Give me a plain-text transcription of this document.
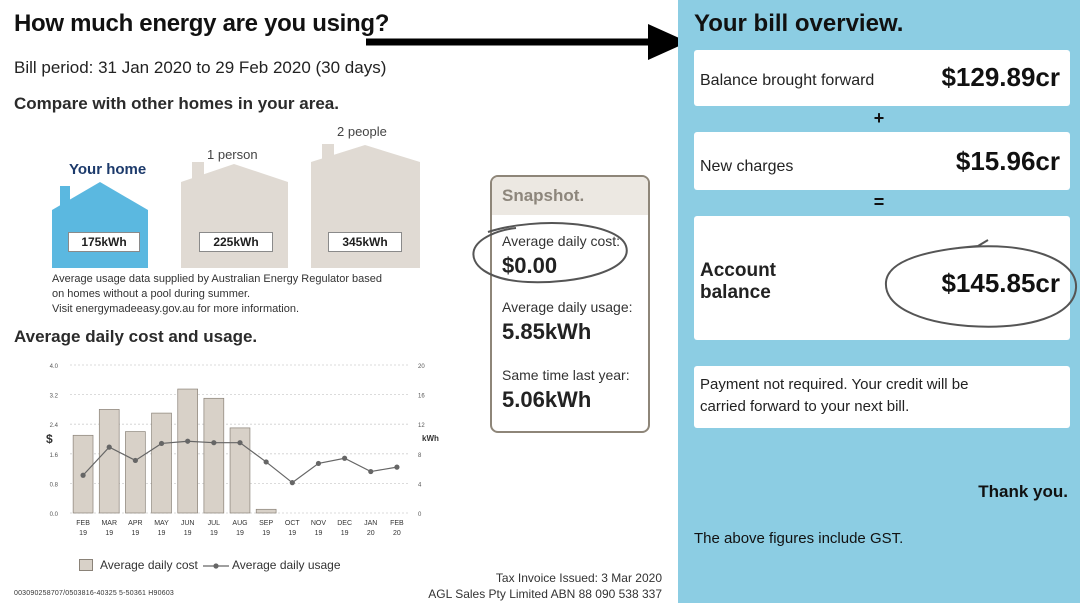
How much energy are you using?
Bill period: 31 Jan 2020 to 29 Feb 2020 (30 days)
Compare with other homes in your area.
Your home
1 person
2 people
175kWh	225kWh	345kWh
Average usage data supplied by Australian Energy Regulator based
on homes without a pool during summer.
Visit energymadeeasy.gov.au for more information.
Average daily cost and usage.
0.0
0.8
1.6
2.4
3.2
4.0
0
4
8
12
16
20
$	kWh
FEB
19
MAR
19
APR
19
MAY
19
JUN
19
JUL
19
AUG
19
SEP
19
OCT
19
NOV
19
DEC
19
JAN
20
FEB
20
Average daily cost	Average daily usage
Snapshot.
Average daily cost:
$0.00
Average daily usage:
5.85kWh
Same time last year:
5.06kWh
Tax Invoice Issued: 3 Mar 2020
AGL Sales Pty Limited ABN 88 090 538 337
003090258707/0503816-40325 5-50361 H90603
Your bill overview.
Balance brought forward	$129.89cr
+
New charges	$15.96cr
=
Account
balance	$145.85cr
Payment not required. Your credit will be
carried forward to your next bill.
Thank you.
The above figures include GST.
